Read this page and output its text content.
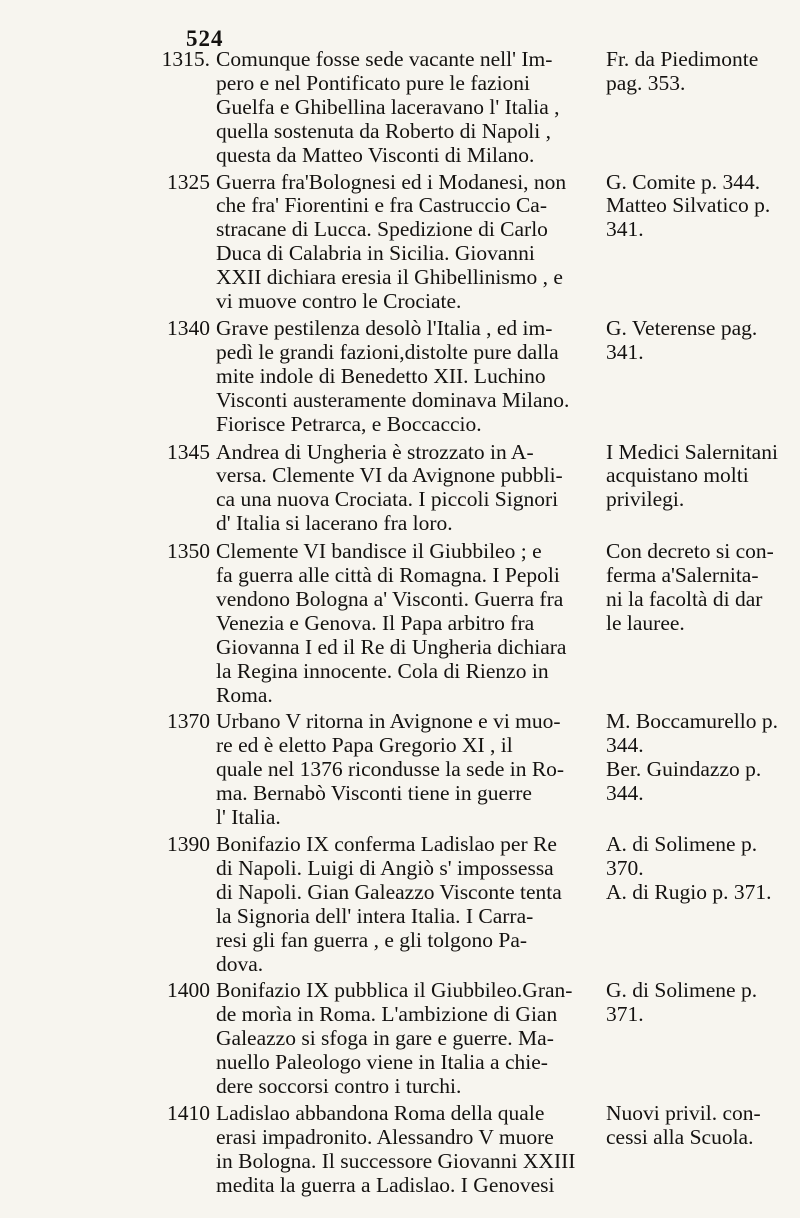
524
1315. Comunque fosse sede vacante nell' Im-
pero e nel Pontificato pure le fazioni
Guelfa e Ghibellina laceravano l' Italia ,
quella sostenuta da Roberto di Napoli ,
questa da Matteo Visconti di Milano.
Fr. da Piedimonte
pag. 353.
1325 Guerra fra'Bolognesi ed i Modanesi, non
che fra' Fiorentini e fra Castruccio Ca-
stracane di Lucca. Spedizione di Carlo
Duca di Calabria in Sicilia. Giovanni
XXII dichiara eresia il Ghibellinismo , e
vi muove contro le Crociate.
G. Comite p. 344.
Matteo Silvatico p.
341.
1340 Grave pestilenza desolò l'Italia , ed im-
pedì le grandi fazioni,distolte pure dalla
mite indole di Benedetto XII. Luchino
Visconti austeramente dominava Milano.
Fiorisce Petrarca, e Boccaccio.
G. Veterense pag.
341.
1345 Andrea di Ungheria è strozzato in A-
versa. Clemente VI da Avignone pubbli-
ca una nuova Crociata. I piccoli Signori
d' Italia si lacerano fra loro.
I Medici Salernitani
acquistano molti
privilegi.
1350 Clemente VI bandisce il Giubbileo ; e
fa guerra alle città di Romagna. I Pepoli
vendono Bologna a' Visconti. Guerra fra
Venezia e Genova. Il Papa arbitro fra
Giovanna I ed il Re di Ungheria dichiara
la Regina innocente. Cola di Rienzo in
Roma.
Con decreto si con-
ferma a'Salernita-
ni la facoltà di dar
le lauree.
1370 Urbano V ritorna in Avignone e vi muo-
re ed è eletto Papa Gregorio XI , il
quale nel 1376 ricondusse la sede in Ro-
ma. Bernabò Visconti tiene in guerre
l' Italia.
M. Boccamurello p.
344.
Ber. Guindazzo p.
344.
1390 Bonifazio IX conferma Ladislao per Re
di Napoli. Luigi di Angiò s' impossessa
di Napoli. Gian Galeazzo Visconte tenta
la Signoria dell' intera Italia. I Carra-
resi gli fan guerra , e gli tolgono Pa-
dova.
A. di Solimene p.
370.
A. di Rugio p. 371.
1400 Bonifazio IX pubblica il Giubbileo.Gran-
de morìa in Roma. L'ambizione di Gian
Galeazzo si sfoga in gare e guerre. Ma-
nuello Paleologo viene in Italia a chie-
dere soccorsi contro i turchi.
G. di Solimene p.
371.
1410 Ladislao abbandona Roma della quale
erasi impadronito. Alessandro V muore
in Bologna. Il successore Giovanni XXIII
medita la guerra a Ladislao. I Genovesi
Nuovi privil. con-
cessi alla Scuola.
